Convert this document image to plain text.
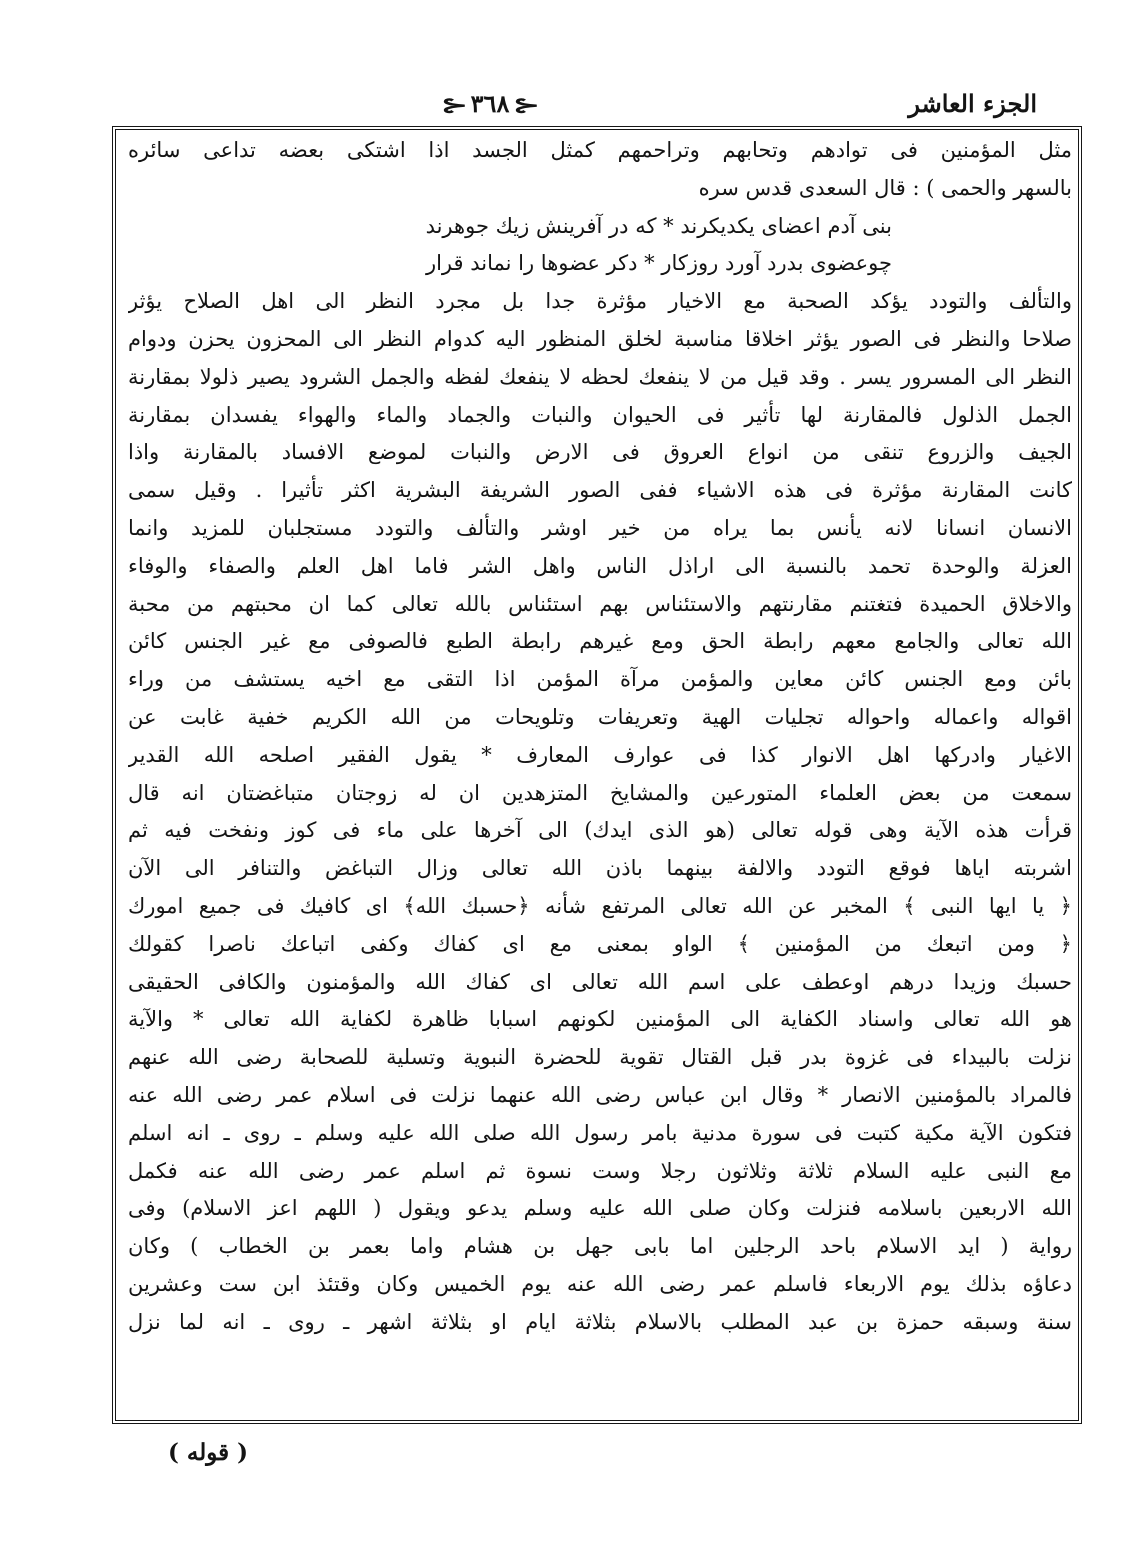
الجزء العاشر
⊰ ٣٦٨ ⊰
مثل المؤمنين فى توادهم وتحابهم وتراحمهم كمثل الجسد اذا اشتكى بعضه تداعى سائره
بالسهر والحمى ) : قال السعدى قدس سره
بنى آدم اعضاى يكديكرند * كه در آفرينش زيك جوهرند
چوعضوى بدرد آورد روزكار * دكر عضوها را نماند قرار
والتألف والتودد يؤكد الصحبة مع الاخيار مؤثرة جدا بل مجرد النظر الى اهل الصلاح يؤثر
صلاحا والنظر فى الصور يؤثر اخلاقا مناسبة لخلق المنظور اليه كدوام النظر الى المحزون يحزن ودوام
النظر الى المسرور يسر . وقد قيل من لا ينفعك لحظه لا ينفعك لفظه والجمل الشرود يصير ذلولا بمقارنة
الجمل الذلول فالمقارنة لها تأثير فى الحيوان والنبات والجماد والماء والهواء يفسدان بمقارنة
الجيف والزروع تنقى من انواع العروق فى الارض والنبات لموضع الافساد بالمقارنة واذا
كانت المقارنة مؤثرة فى هذه الاشياء ففى الصور الشريفة البشرية اكثر تأثيرا . وقيل سمى
الانسان انسانا لانه يأنس بما يراه من خير اوشر والتألف والتودد مستجلبان للمزيد وانما
العزلة والوحدة تحمد بالنسبة الى اراذل الناس واهل الشر فاما اهل العلم والصفاء والوفاء
والاخلاق الحميدة فتغتنم مقارنتهم والاستئناس بهم استئناس بالله تعالى كما ان محبتهم من محبة
الله تعالى والجامع معهم رابطة الحق ومع غيرهم رابطة الطبع فالصوفى مع غير الجنس كائن
بائن ومع الجنس كائن معاين والمؤمن مرآة المؤمن اذا التقى مع اخيه يستشف من وراء
اقواله واعماله واحواله تجليات الهية وتعريفات وتلويحات من الله الكريم خفية غابت عن
الاغيار وادركها اهل الانوار كذا فى عوارف المعارف * يقول الفقير اصلحه الله القدير
سمعت من بعض العلماء المتورعين والمشايخ المتزهدين ان له زوجتان متباغضتان انه قال
قرأت هذه الآية وهى قوله تعالى (هو الذى ايدك) الى آخرها على ماء فى كوز ونفخت فيه ثم
اشربته اياها فوقع التودد والالفة بينهما باذن الله تعالى وزال التباغض والتنافر الى الآن
﴿ يا ايها النبى ﴾ المخبر عن الله تعالى المرتفع شأنه ﴿حسبك الله﴾ اى كافيك فى جميع امورك
﴿ ومن اتبعك من المؤمنين ﴾ الواو بمعنى مع اى كفاك وكفى اتباعك ناصرا كقولك
حسبك وزيدا درهم اوعطف على اسم الله تعالى اى كفاك الله والمؤمنون والكافى الحقيقى
هو الله تعالى واسناد الكفاية الى المؤمنين لكونهم اسبابا ظاهرة لكفاية الله تعالى * والآية
نزلت بالبيداء فى غزوة بدر قبل القتال تقوية للحضرة النبوية وتسلية للصحابة رضى الله عنهم
فالمراد بالمؤمنين الانصار * وقال ابن عباس رضى الله عنهما نزلت فى اسلام عمر رضى الله عنه
فتكون الآية مكية كتبت فى سورة مدنية بامر رسول الله صلى الله عليه وسلم ـ روى ـ انه اسلم
مع النبى عليه السلام ثلاثة وثلاثون رجلا وست نسوة ثم اسلم عمر رضى الله عنه فكمل
الله الاربعين باسلامه فنزلت وكان صلى الله عليه وسلم يدعو ويقول ( اللهم اعز الاسلام) وفى
رواية ( ايد الاسلام باحد الرجلين اما بابى جهل بن هشام واما بعمر بن الخطاب ) وكان
دعاؤه بذلك يوم الاربعاء فاسلم عمر رضى الله عنه يوم الخميس وكان وقتئذ ابن ست وعشرين
سنة وسبقه حمزة بن عبد المطلب بالاسلام بثلاثة ايام او بثلاثة اشهر ـ روى ـ انه لما نزل
( قوله )
